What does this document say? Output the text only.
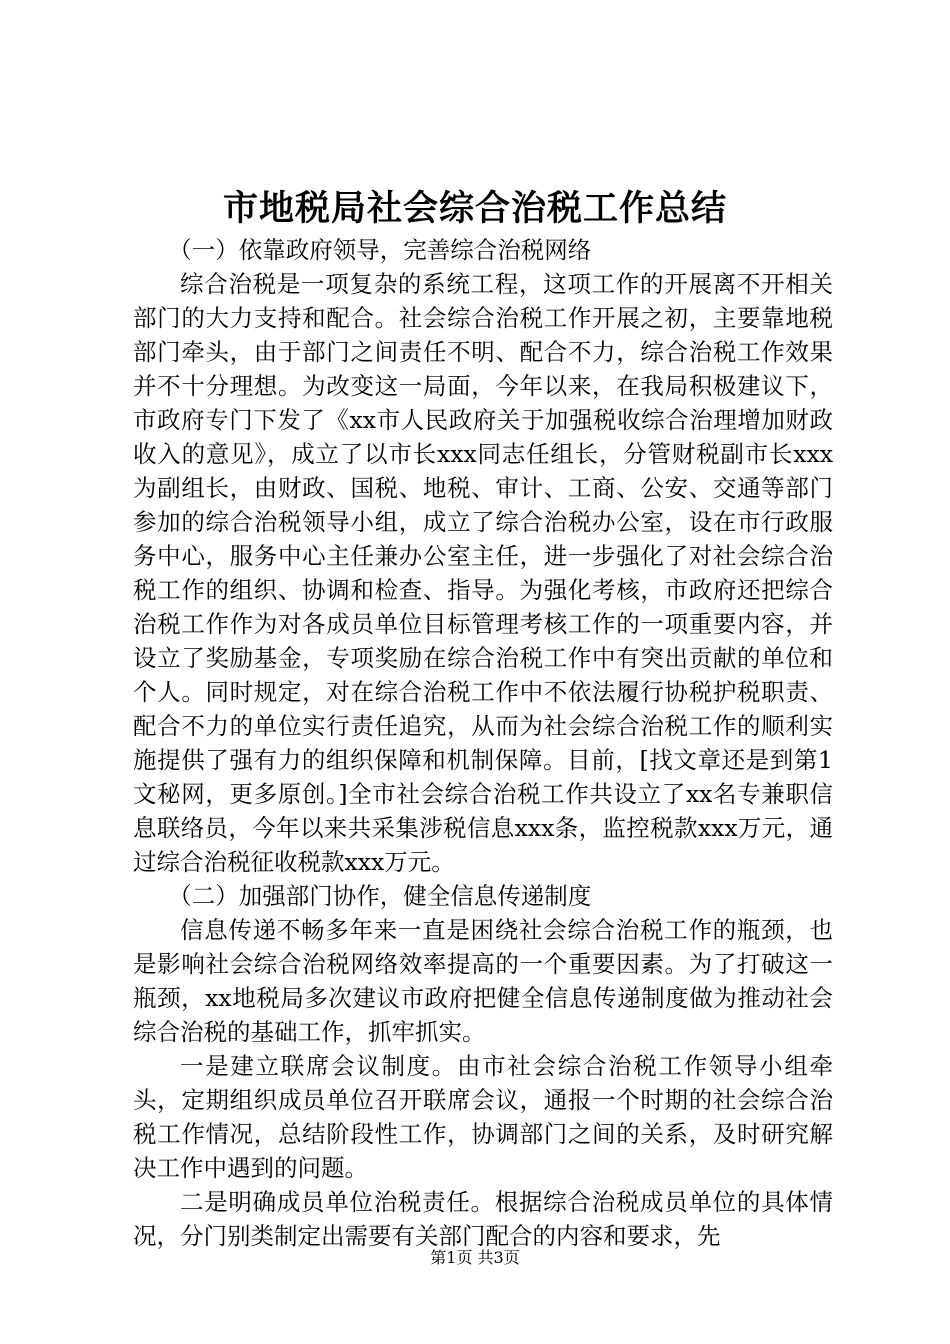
市地税局社会综合治税工作总结

（一）依靠政府领导，完善综合治税网络

综合治税是一项复杂的系统工程，这项工作的开展离不开相关部门的大力支持和配合。社会综合治税工作开展之初，主要靠地税部门牵头，由于部门之间责任不明、配合不力，综合治税工作效果并不十分理想。为改变这一局面，今年以来，在我局积极建议下，市政府专门下发了《xx市人民政府关于加强税收综合治理增加财政收入的意见》，成立了以市长xxx同志任组长，分管财税副市长xxx为副组长，由财政、国税、地税、审计、工商、公安、交通等部门参加的综合治税领导小组，成立了综合治税办公室，设在市行政服务中心，服务中心主任兼办公室主任，进一步强化了对社会综合治税工作的组织、协调和检查、指导。为强化考核，市政府还把综合治税工作作为对各成员单位目标管理考核工作的一项重要内容，并设立了奖励基金，专项奖励在综合治税工作中有突出贡献的单位和个人。同时规定，对在综合治税工作中不依法履行协税护税职责、配合不力的单位实行责任追究，从而为社会综合治税工作的顺利实施提供了强有力的组织保障和机制保障。目前，[找文章还是到第1文秘网，更多原创。]全市社会综合治税工作共设立了xx名专兼职信息联络员，今年以来共采集涉税信息xxx条，监控税款xxx万元，通过综合治税征收税款xxx万元。

（二）加强部门协作，健全信息传递制度

信息传递不畅多年来一直是困绕社会综合治税工作的瓶颈，也是影响社会综合治税网络效率提高的一个重要因素。为了打破这一瓶颈，xx地税局多次建议市政府把健全信息传递制度做为推动社会综合治税的基础工作，抓牢抓实。

一是建立联席会议制度。由市社会综合治税工作领导小组牵头，定期组织成员单位召开联席会议，通报一个时期的社会综合治税工作情况，总结阶段性工作，协调部门之间的关系，及时研究解决工作中遇到的问题。

二是明确成员单位治税责任。根据综合治税成员单位的具体情况，分门别类制定出需要有关部门配合的内容和要求，先

第1页 共3页
